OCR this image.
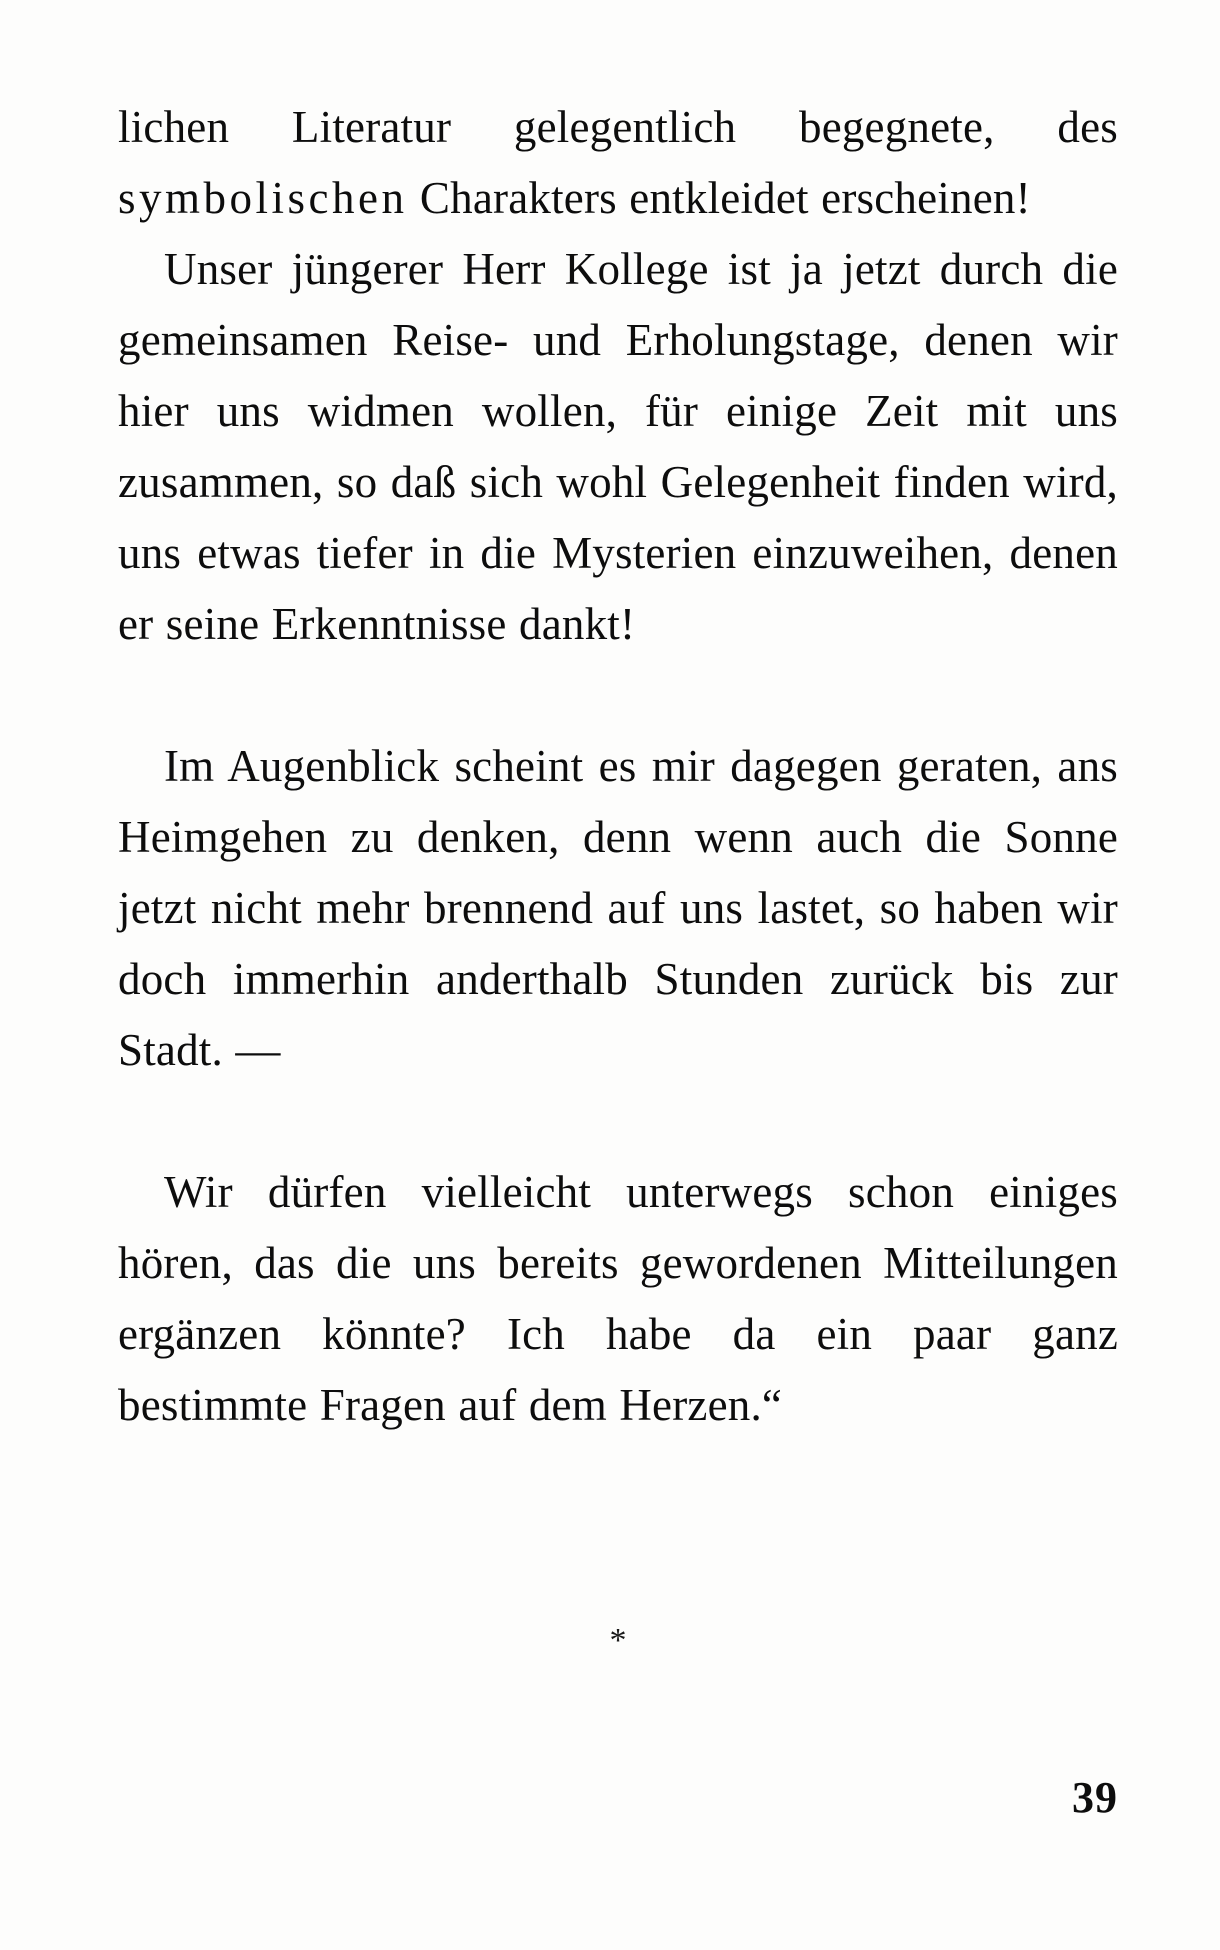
lichen Literatur gelegentlich begegnete, des symbolischen Charakters entkleidet erscheinen!

Unser jüngerer Herr Kollege ist ja jetzt durch die gemeinsamen Reise- und Erholungstage, denen wir hier uns widmen wollen, für einige Zeit mit uns zusammen, so daß sich wohl Gelegenheit finden wird, uns etwas tiefer in die Mysterien einzuweihen, denen er seine Erkenntnisse dankt!

Im Augenblick scheint es mir dagegen geraten, ans Heimgehen zu denken, denn wenn auch die Sonne jetzt nicht mehr brennend auf uns lastet, so haben wir doch immerhin anderthalb Stunden zurück bis zur Stadt. —

Wir dürfen vielleicht unterwegs schon einiges hören, das die uns bereits gewordenen Mitteilungen ergänzen könnte? Ich habe da ein paar ganz bestimmte Fragen auf dem Herzen.“

*
39
